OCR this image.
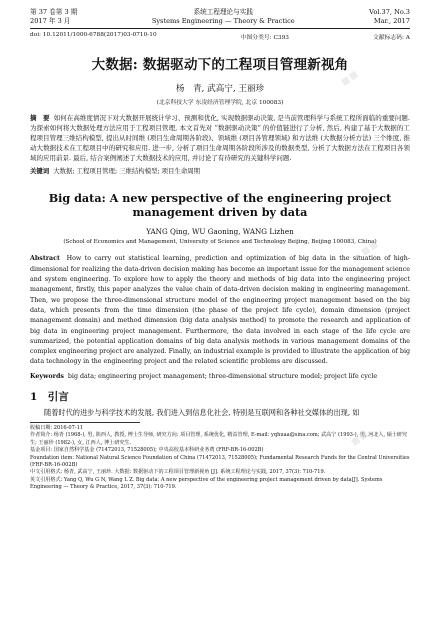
第 37 卷第 3 期
2017 年 3 月
系统工程理论与实践
Systems Engineering — Theory & Practice
Vol.37, No.3
Mar., 2017
doi: 10.12011/1000-6788(2017)03-0710-10	中图分类号: C393	文献标志码: A
大数据: 数据驱动下的工程项目管理新视角
杨　青, 武高宁, 王丽珍
(北京科技大学 东凌经济管理学院, 北京 100083)
摘　要 如何在高维度情况下对大数据开展统计学习、预测和优化, 实现数据驱动决策, 是当前管理科学与系统工程所面临的重要问题. 为探索如何将大数据处理方法应用于工程项目管理, 本文首先对 “数据驱动决策” 的价值链进行了分析, 然后, 构建了基于大数据的工程项目管理三维结构模型, 提出从时间维 (项目生命周期各阶段)、领域维 (项目各管理领域) 和方法维 (大数据分析方法) 三个维度, 推动大数据技术在工程项目中的研究和应用. 进一步, 分析了项目生命周期各阶段所涉及的数据类型, 分析了大数据方法在工程项目各领域的应用前景. 最后, 结合案例阐述了大数据技术的应用, 并讨论了有待研究的关键科学问题.
关键词 大数据; 工程项目管理; 三维结构模型; 项目生命周期
Big data: A new perspective of the engineering project management driven by data
YANG Qing, WU Gaoning, WANG Lizhen
(School of Economics and Management, University of Science and Technology Beijing, Beijing 100083, China)
Abstract How to carry out statistical learning, prediction and optimization of big data in the situation of high-dimensional for realizing the data-driven decision making has become an important issue for the management science and system engineering. To explore how to apply the theory and methods of big data into the engineering project management, firstly, this paper analyzes the value chain of data-driven decision making in engineering management. Then, we propose the three-dimensional structure model of the engineering project management based on the big data, which presents from the time dimension (the phase of the project life cycle), domain dimension (project management domain) and method dimension (big data analysis method) to promote the research and application of big data in engineering project management. Furthermore, the data involved in each stage of the life cycle are summarized, the potential application domains of big data analysis methods in various management domains of the complex engineering project are analyzed. Finally, an industrial example is provided to illustrate the application of big data technology in the engineering project and the related scientific problems are discussed.
Keywords big data; engineering project management; three-dimensional structure model; project life cycle
1　引言
随着时代的进步与科学技术的发展, 我们进入到信息化社会, 特别是互联网和各种社交媒体的出现, 如
收稿日期: 2016-07-11
作者简介: 杨青 (1968-), 男, 陕西人, 教授, 博士生导师, 研究方向: 项目管理, 系统优化, 精益管理, E-mail: yqhuaa@sina.com; 武高宁 (1993-), 男, 河北人, 硕士研究生; 王丽珍 (1982-), 女, 江西人, 博士研究生.
基金项目: 国家自然科学基金 (71472013, 71528005); 中央高校基本科研业务费 (FRF-BR-16-002B)
Foundation item: National Natural Science Foundation of China (71472013, 71528005); Fundamental Research Funds for the Central Universities (FRF-BR-16-002B)
中文引用格式: 杨青, 武高宁, 王丽珍. 大数据: 数据驱动下的工程项目管理新视角 [J]. 系统工程理论与实践, 2017, 37(3): 710-719.
英文引用格式: Yang Q, Wu G N, Wang L Z. Big data: A new perspective of the engineering project management driven by data[J]. Systems Engineering — Theory & Practice, 2017, 37(3): 710-719.
▪▪
▪▪
▪▪
